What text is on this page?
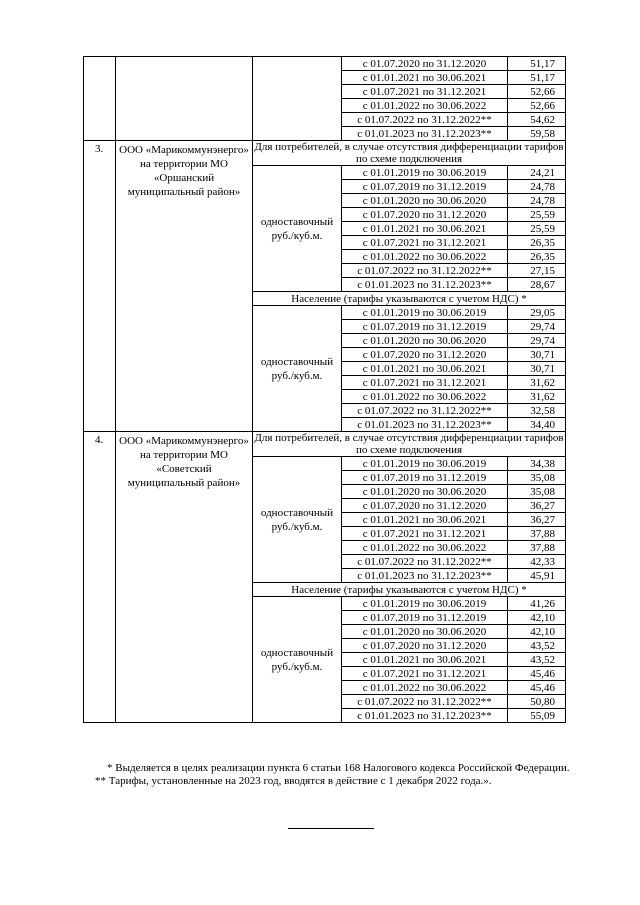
			с 01.07.2020 по 31.12.2020	51,17
			с 01.01.2021 по 30.06.2021	51,17
			с 01.07.2021 по 31.12.2021	52,66
			с 01.01.2022 по 30.06.2022	52,66
			с 01.07.2022 по 31.12.2022**	54,62
			с 01.01.2023 по 31.12.2023**	59,58
3.	ООО «Марикоммунэнерго» на территории МО «Оршанский муниципальный район»	Для потребителей, в случае отсутствия дифференциации тарифов по схеме подключения		
		одноставочный руб./куб.м.	с 01.01.2019 по 30.06.2019	24,21
			с 01.07.2019 по 31.12.2019	24,78
			с 01.01.2020 по 30.06.2020	24,78
			с 01.07.2020 по 31.12.2020	25,59
			с 01.01.2021 по 30.06.2021	25,59
			с 01.07.2021 по 31.12.2021	26,35
			с 01.01.2022 по 30.06.2022	26,35
			с 01.07.2022 по 31.12.2022**	27,15
			с 01.01.2023 по 31.12.2023**	28,67
		Население (тарифы указываются с учетом НДС) *		
		одноставочный руб./куб.м.	с 01.01.2019 по 30.06.2019	29,05
			с 01.07.2019 по 31.12.2019	29,74
			с 01.01.2020 по 30.06.2020	29,74
			с 01.07.2020 по 31.12.2020	30,71
			с 01.01.2021 по 30.06.2021	30,71
			с 01.07.2021 по 31.12.2021	31,62
			с 01.01.2022 по 30.06.2022	31,62
			с 01.07.2022 по 31.12.2022**	32,58
			с 01.01.2023 по 31.12.2023**	34,40
4.	ООО «Марикоммунэнерго» на территории МО «Советский муниципальный район»	Для потребителей, в случае отсутствия дифференциации тарифов по схеме подключения		
		одноставочный руб./куб.м.	с 01.01.2019 по 30.06.2019	34,38
			с 01.07.2019 по 31.12.2019	35,08
			с 01.01.2020 по 30.06.2020	35,08
			с 01.07.2020 по 31.12.2020	36,27
			с 01.01.2021 по 30.06.2021	36,27
			с 01.07.2021 по 31.12.2021	37,88
			с 01.01.2022 по 30.06.2022	37,88
			с 01.07.2022 по 31.12.2022**	42,33
			с 01.01.2023 по 31.12.2023**	45,91
		Население (тарифы указываются с учетом НДС) *		
		одноставочный руб./куб.м.	с 01.01.2019 по 30.06.2019	41,26
			с 01.07.2019 по 31.12.2019	42,10
			с 01.01.2020 по 30.06.2020	42,10
			с 01.07.2020 по 31.12.2020	43,52
			с 01.01.2021 по 30.06.2021	43,52
			с 01.07.2021 по 31.12.2021	45,46
			с 01.01.2022 по 30.06.2022	45,46
			с 01.07.2022 по 31.12.2022**	50,80
			с 01.01.2023 по 31.12.2023**	55,09
* Выделяется в целях реализации пункта 6 статьи 168 Налогового кодекса Российской Федерации.
** Тарифы, установленные на 2023 год, вводятся в действие с 1 декабря 2022 года.».
